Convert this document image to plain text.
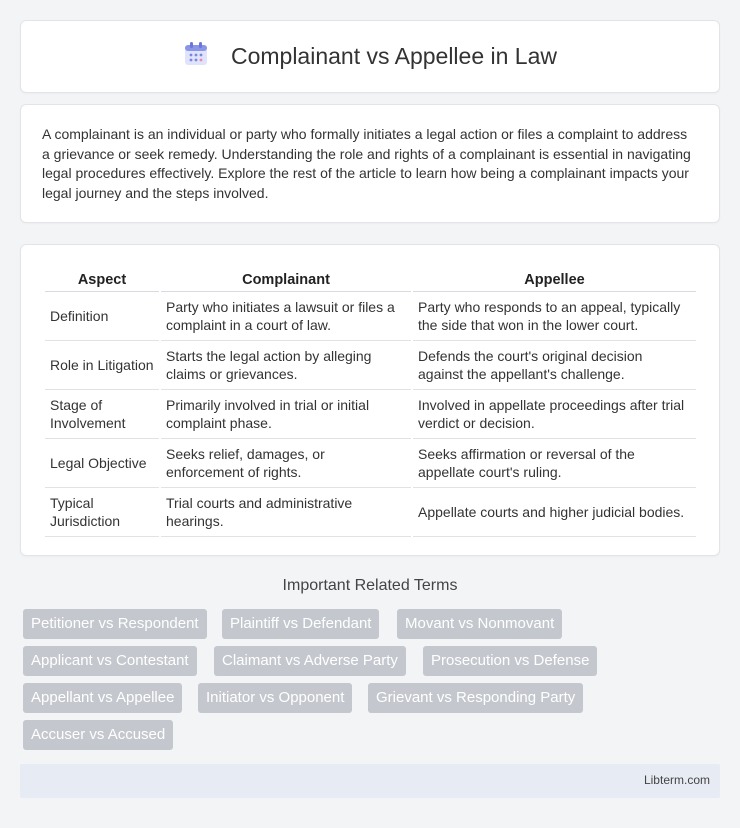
Complainant vs Appellee in Law

A complainant is an individual or party who formally initiates a legal action or files a complaint to address a grievance or seek remedy. Understanding the role and rights of a complainant is essential in navigating legal procedures effectively. Explore the rest of the article to learn how being a complainant impacts your legal journey and the steps involved.

Aspect	Complainant	Appellee
Definition	Party who initiates a lawsuit or files a complaint in a court of law.	Party who responds to an appeal, typically the side that won in the lower court.
Role in Litigation	Starts the legal action by alleging claims or grievances.	Defends the court's original decision against the appellant's challenge.
Stage of Involvement	Primarily involved in trial or initial complaint phase.	Involved in appellate proceedings after trial verdict or decision.
Legal Objective	Seeks relief, damages, or enforcement of rights.	Seeks affirmation or reversal of the appellate court's ruling.
Typical Jurisdiction	Trial courts and administrative hearings.	Appellate courts and higher judicial bodies.
Important Related Terms
Petitioner vs Respondent	Plaintiff vs Defendant	Movant vs Nonmovant
Applicant vs Contestant	Claimant vs Adverse Party	Prosecution vs Defense
Appellant vs Appellee	Initiator vs Opponent	Grievant vs Responding Party
Accuser vs Accused
Libterm.com
